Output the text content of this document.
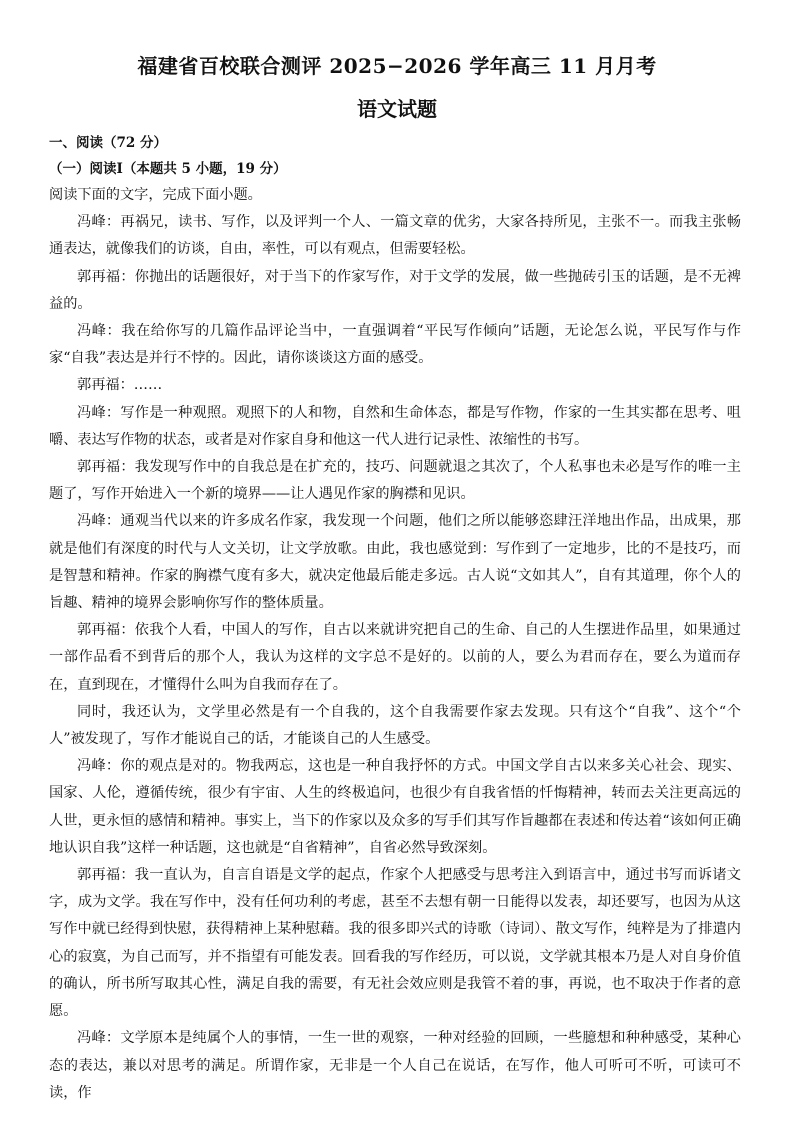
福建省百校联合测评 2025−2026 学年高三 11 月月考
语文试题
一、阅读（72 分）
（一）阅读Ⅰ（本题共 5 小题，19 分）

阅读下面的文字，完成下面小题。

冯峰：再祸兄，读书、写作，以及评判一个人、一篇文章的优劣，大家各持所见，主张不一。而我主张畅通表达，就像我们的访谈，自由，率性，可以有观点，但需要轻松。

郭再福：你抛出的话题很好，对于当下的作家写作，对于文学的发展，做一些抛砖引玉的话题，是不无裨益的。

冯峰：我在给你写的几篇作品评论当中，一直强调着“平民写作倾向”话题，无论怎么说，平民写作与作家“自我”表达是并行不悖的。因此，请你谈谈这方面的感受。

郭再福：……

冯峰：写作是一种观照。观照下的人和物，自然和生命体态，都是写作物，作家的一生其实都在思考、咀嚼、表达写作物的状态，或者是对作家自身和他这一代人进行记录性、浓缩性的书写。

郭再福：我发现写作中的自我总是在扩充的，技巧、问题就退之其次了，个人私事也未必是写作的唯一主题了，写作开始进入一个新的境界——让人遇见作家的胸襟和见识。

冯峰：通观当代以来的许多成名作家，我发现一个问题，他们之所以能够恣肆汪洋地出作品，出成果，那就是他们有深度的时代与人文关切，让文学放歌。由此，我也感觉到：写作到了一定地步，比的不是技巧，而是智慧和精神。作家的胸襟气度有多大，就决定他最后能走多远。古人说“文如其人”，自有其道理，你个人的旨趣、精神的境界会影响你写作的整体质量。

郭再福：依我个人看，中国人的写作，自古以来就讲究把自己的生命、自己的人生摆进作品里，如果通过一部作品看不到背后的那个人，我认为这样的文字总不是好的。以前的人，要么为君而存在，要么为道而存在，直到现在，才懂得什么叫为自我而存在了。

同时，我还认为，文学里必然是有一个自我的，这个自我需要作家去发现。只有这个“自我”、这个“个人”被发现了，写作才能说自己的话，才能谈自己的人生感受。

冯峰：你的观点是对的。物我两忘，这也是一种自我抒怀的方式。中国文学自古以来多关心社会、现实、国家、人伦，遵循传统，很少有宇宙、人生的终极追问，也很少有自我省悟的忏悔精神，转而去关注更高远的人世，更永恒的感情和精神。事实上，当下的作家以及众多的写手们其写作旨趣都在表述和传达着“该如何正确地认识自我”这样一种话题，这也就是“自省精神”，自省必然导致深刻。

郭再福：我一直认为，自言自语是文学的起点，作家个人把感受与思考注入到语言中，通过书写而诉诸文字，成为文学。我在写作中，没有任何功利的考虑，甚至不去想有朝一日能得以发表，却还要写，也因为从这写作中就已经得到快慰，获得精神上某种慰藉。我的很多即兴式的诗歌（诗词）、散文写作，纯粹是为了排遣内心的寂寞，为自己而写，并不指望有可能发表。回看我的写作经历，可以说，文学就其根本乃是人对自身价值的确认，所书所写取其心性，满足自我的需要，有无社会效应则是我管不着的事，再说，也不取决于作者的意愿。

冯峰：文学原本是纯属个人的事情，一生一世的观察，一种对经验的回顾，一些臆想和种种感受，某种心态的表达，兼以对思考的满足。所谓作家，无非是一个人自己在说话，在写作，他人可听可不听，可读可不读，作
